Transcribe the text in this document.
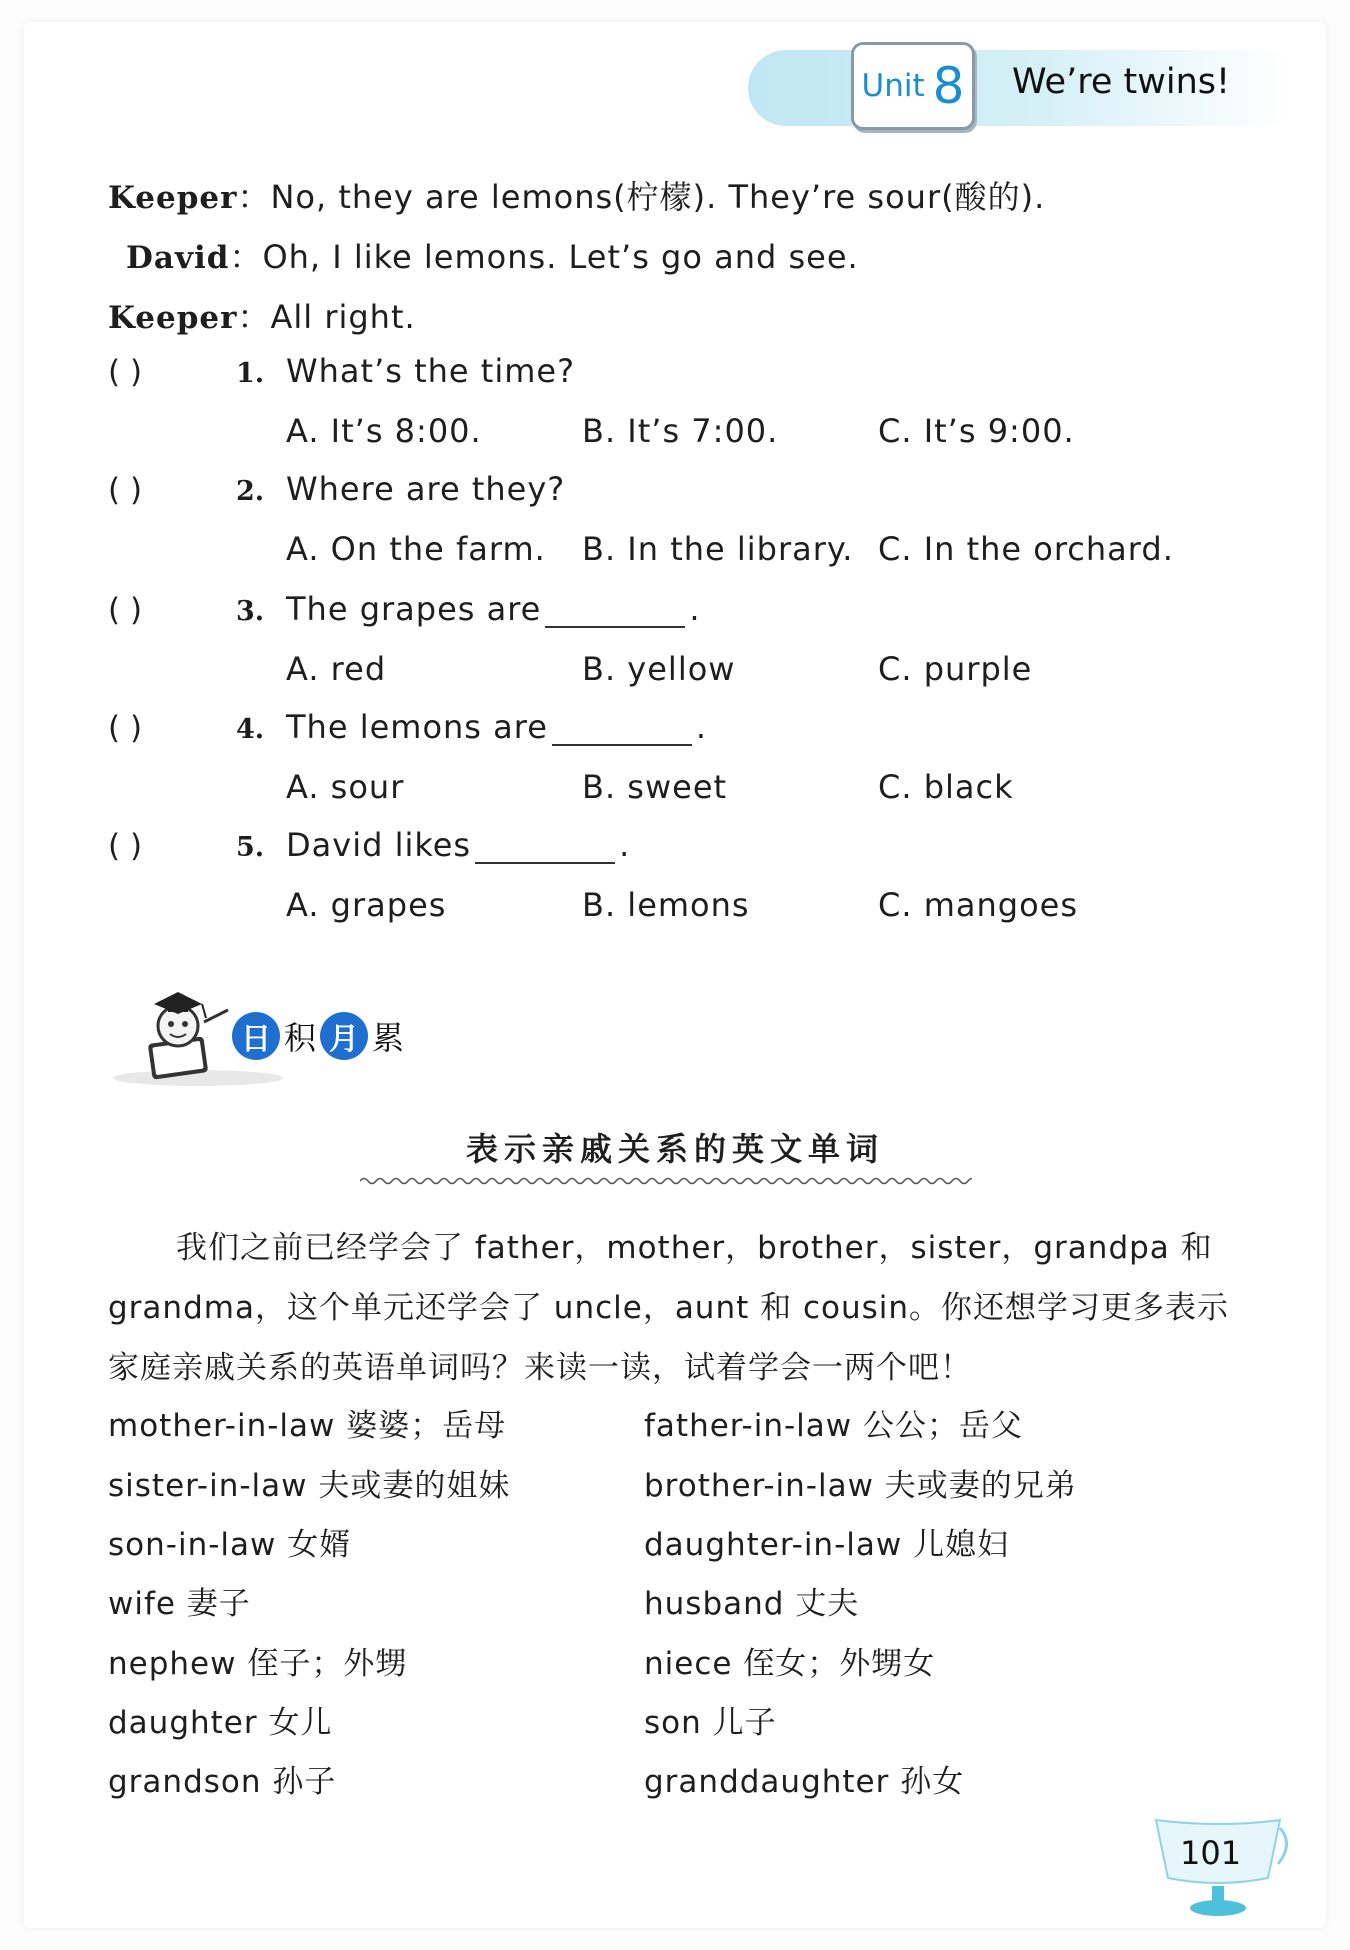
Unit 8 We’re twins!
Keeper：No, they are lemons(柠檬). They’re sour(酸的).
David：Oh, I like lemons. Let’s go and see.
Keeper：All right.
( )	1. What’s the time?
A. It’s 8:00.	B. It’s 7:00.	C. It’s 9:00.
( )	2. Where are they?
A. On the farm. B. In the library. C. In the orchard.
( )	3. The grapes are	.
A. red	B. yellow	C. purple
( )	4. The lemons are	.
A. sour	B. sweet	C. black
( )	5. David likes	.
A. grapes	B. lemons	C. mangoes
日 积 月 累
表示亲戚关系的英文单词
我们之前已经学会了 father，mother，brother，sister，grandpa 和 grandma，这个单元还学会了 uncle，aunt 和 cousin。你还想学习更多表示家庭亲戚关系的英语单词吗？来读一读，试着学会一两个吧！
mother-in-law 婆婆；岳母	father-in-law 公公；岳父
sister-in-law 夫或妻的姐妹	brother-in-law 夫或妻的兄弟
son-in-law 女婿	daughter-in-law 儿媳妇
wife 妻子	husband 丈夫
nephew 侄子；外甥	niece 侄女；外甥女
daughter 女儿	son 儿子
grandson 孙子	granddaughter 孙女
101
